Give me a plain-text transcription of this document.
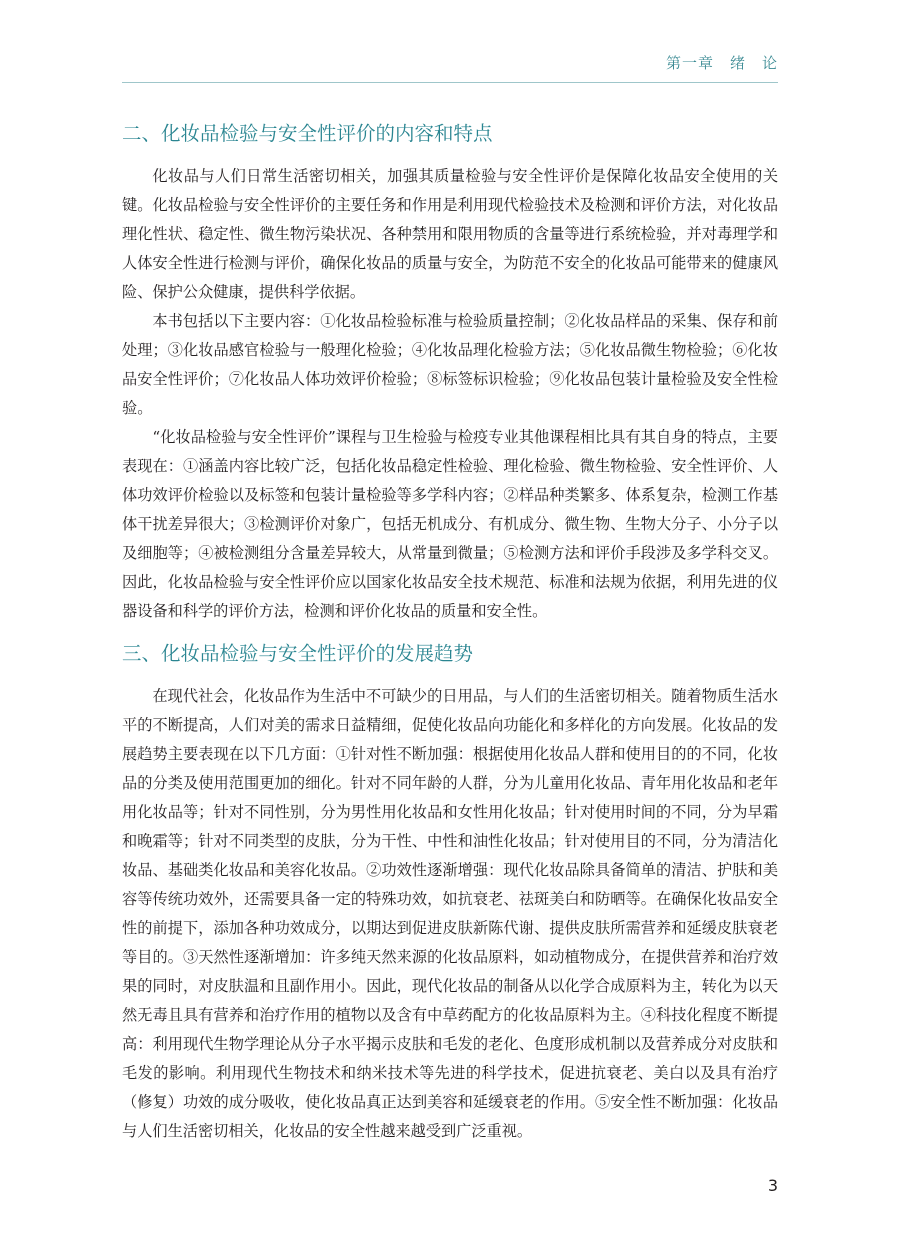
第一章　绪　论
二、化妆品检验与安全性评价的内容和特点

化妆品与人们日常生活密切相关，加强其质量检验与安全性评价是保障化妆品安全使用的关键。化妆品检验与安全性评价的主要任务和作用是利用现代检验技术及检测和评价方法，对化妆品理化性状、稳定性、微生物污染状况、各种禁用和限用物质的含量等进行系统检验，并对毒理学和人体安全性进行检测与评价，确保化妆品的质量与安全，为防范不安全的化妆品可能带来的健康风险、保护公众健康，提供科学依据。

本书包括以下主要内容：①化妆品检验标准与检验质量控制；②化妆品样品的采集、保存和前处理；③化妆品感官检验与一般理化检验；④化妆品理化检验方法；⑤化妆品微生物检验；⑥化妆品安全性评价；⑦化妆品人体功效评价检验；⑧标签标识检验；⑨化妆品包装计量检验及安全性检验。

“化妆品检验与安全性评价”课程与卫生检验与检疫专业其他课程相比具有其自身的特点，主要表现在：①涵盖内容比较广泛，包括化妆品稳定性检验、理化检验、微生物检验、安全性评价、人体功效评价检验以及标签和包装计量检验等多学科内容；②样品种类繁多、体系复杂，检测工作基体干扰差异很大；③检测评价对象广，包括无机成分、有机成分、微生物、生物大分子、小分子以及细胞等；④被检测组分含量差异较大，从常量到微量；⑤检测方法和评价手段涉及多学科交叉。因此，化妆品检验与安全性评价应以国家化妆品安全技术规范、标准和法规为依据，利用先进的仪器设备和科学的评价方法，检测和评价化妆品的质量和安全性。

三、化妆品检验与安全性评价的发展趋势

在现代社会，化妆品作为生活中不可缺少的日用品，与人们的生活密切相关。随着物质生活水平的不断提高，人们对美的需求日益精细，促使化妆品向功能化和多样化的方向发展。化妆品的发展趋势主要表现在以下几方面：①针对性不断加强：根据使用化妆品人群和使用目的的不同，化妆品的分类及使用范围更加的细化。针对不同年龄的人群，分为儿童用化妆品、青年用化妆品和老年用化妆品等；针对不同性别，分为男性用化妆品和女性用化妆品；针对使用时间的不同，分为早霜和晚霜等；针对不同类型的皮肤，分为干性、中性和油性化妆品；针对使用目的不同，分为清洁化妆品、基础类化妆品和美容化妆品。②功效性逐渐增强：现代化妆品除具备简单的清洁、护肤和美容等传统功效外，还需要具备一定的特殊功效，如抗衰老、祛斑美白和防晒等。在确保化妆品安全性的前提下，添加各种功效成分，以期达到促进皮肤新陈代谢、提供皮肤所需营养和延缓皮肤衰老等目的。③天然性逐渐增加：许多纯天然来源的化妆品原料，如动植物成分，在提供营养和治疗效果的同时，对皮肤温和且副作用小。因此，现代化妆品的制备从以化学合成原料为主，转化为以天然无毒且具有营养和治疗作用的植物以及含有中草药配方的化妆品原料为主。④科技化程度不断提高：利用现代生物学理论从分子水平揭示皮肤和毛发的老化、色度形成机制以及营养成分对皮肤和毛发的影响。利用现代生物技术和纳米技术等先进的科学技术，促进抗衰老、美白以及具有治疗（修复）功效的成分吸收，使化妆品真正达到美容和延缓衰老的作用。⑤安全性不断加强：化妆品与人们生活密切相关，化妆品的安全性越来越受到广泛重视。

3
